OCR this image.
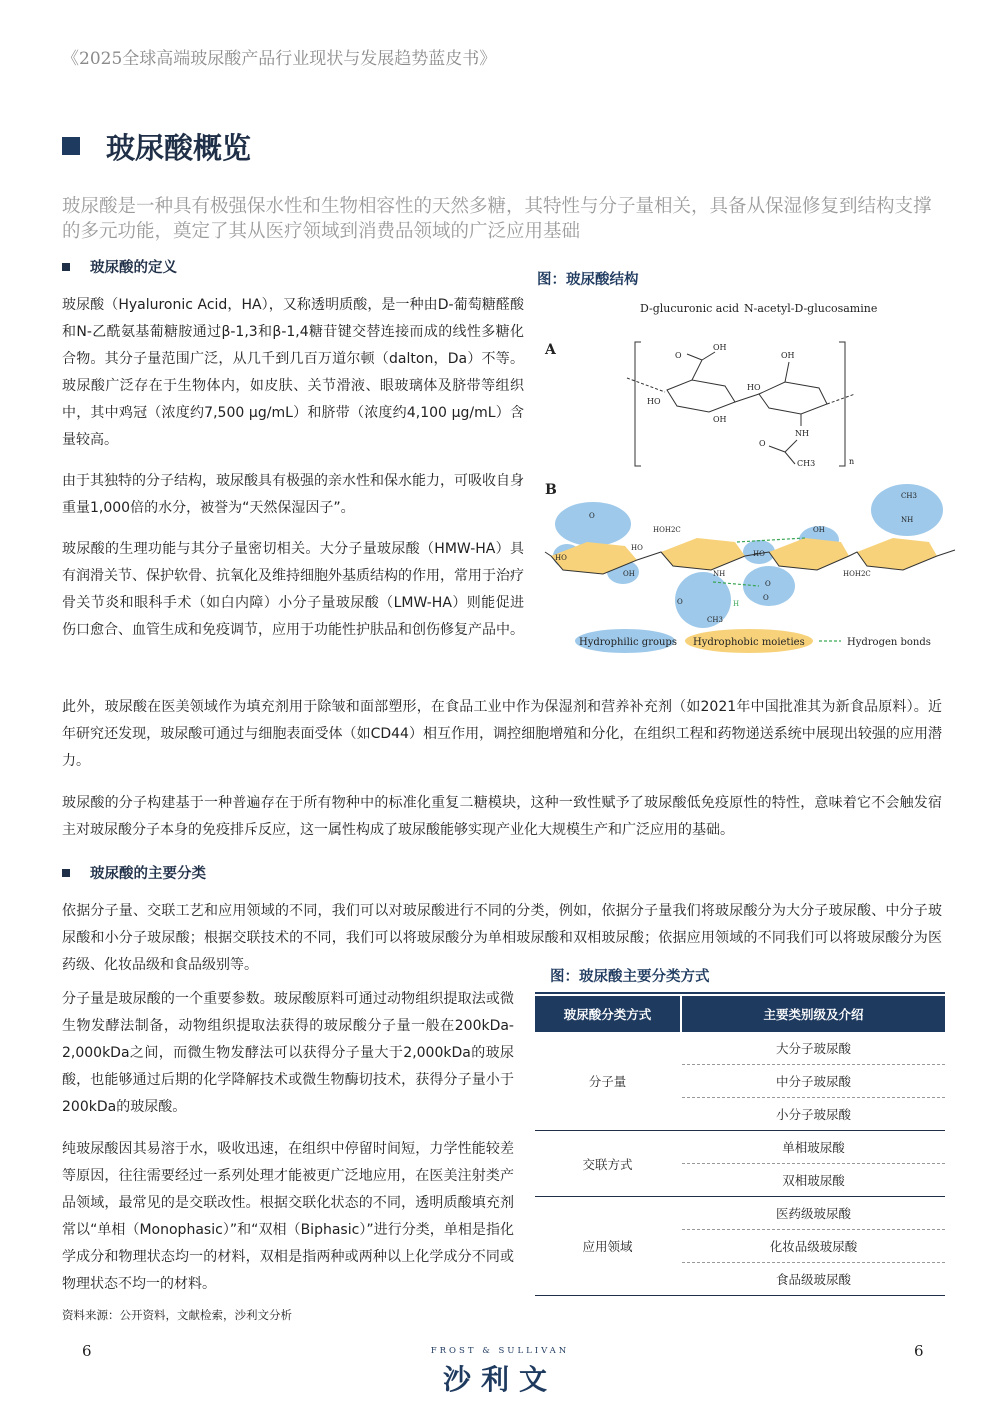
《2025全球高端玻尿酸产品行业现状与发展趋势蓝皮书》
玻尿酸概览
玻尿酸是一种具有极强保水性和生物相容性的天然多糖，其特性与分子量相关，具备从保湿修复到结构支撑的多元功能，奠定了其从医疗领域到消费品领域的广泛应用基础
玻尿酸的定义
玻尿酸（Hyaluronic Acid，HA），又称透明质酸，是一种由D-葡萄糖醛酸和N-乙酰氨基葡糖胺通过β-1,3和β-1,4糖苷键交替连接而成的线性多糖化合物。其分子量范围广泛，从几千到几百万道尔顿（dalton，Da）不等。玻尿酸广泛存在于生物体内，如皮肤、关节滑液、眼玻璃体及脐带等组织中，其中鸡冠（浓度约7,500 μg/mL）和脐带（浓度约4,100 μg/mL）含量较高。
由于其独特的分子结构，玻尿酸具有极强的亲水性和保水能力，可吸收自身重量1,000倍的水分，被誉为“天然保湿因子”。
玻尿酸的生理功能与其分子量密切相关。大分子量玻尿酸（HMW-HA）具有润滑关节、保护软骨、抗氧化及维持细胞外基质结构的作用，常用于治疗骨关节炎和眼科手术（如白内障）小分子量玻尿酸（LMW-HA）则能促进伤口愈合、血管生成和免疫调节，应用于功能性护肤品和创伤修复产品中。
图：玻尿酸结构
A
D-glucuronic acid N-acetyl-D-glucosamine
n
O
OH
HO
OH
OH
HO
NH
O
CH3
B
OH
HO
HO
HOH2C
HO
OH
HOH2C
NH
CH3
NH
H
O
O
O
CH3
O
Hydrophilic groups Hydrophobic moieties	Hydrogen bonds
此外，玻尿酸在医美领域作为填充剂用于除皱和面部塑形，在食品工业中作为保湿剂和营养补充剂（如2021年中国批准其为新食品原料）。近年研究还发现，玻尿酸可通过与细胞表面受体（如CD44）相互作用，调控细胞增殖和分化，在组织工程和药物递送系统中展现出较强的应用潜力。
玻尿酸的分子构建基于一种普遍存在于所有物种中的标准化重复二糖模块，这种一致性赋予了玻尿酸低免疫原性的特性，意味着它不会触发宿主对玻尿酸分子本身的免疫排斥反应，这一属性构成了玻尿酸能够实现产业化大规模生产和广泛应用的基础。
玻尿酸的主要分类
依据分子量、交联工艺和应用领域的不同，我们可以对玻尿酸进行不同的分类，例如，依据分子量我们将玻尿酸分为大分子玻尿酸、中分子玻尿酸和小分子玻尿酸；根据交联技术的不同，我们可以将玻尿酸分为单相玻尿酸和双相玻尿酸；依据应用领域的不同我们可以将玻尿酸分为医药级、化妆品级和食品级别等。
分子量是玻尿酸的一个重要参数。玻尿酸原料可通过动物组织提取法或微生物发酵法制备，动物组织提取法获得的玻尿酸分子量一般在200kDa-2,000kDa之间，而微生物发酵法可以获得分子量大于2,000kDa的玻尿酸，也能够通过后期的化学降解技术或微生物酶切技术，获得分子量小于200kDa的玻尿酸。
纯玻尿酸因其易溶于水，吸收迅速，在组织中停留时间短，力学性能较差等原因，往往需要经过一系列处理才能被更广泛地应用，在医美注射类产品领域，最常见的是交联改性。根据交联化状态的不同，透明质酸填充剂常以“单相（Monophasic）”和“双相（Biphasic）”进行分类，单相是指化学成分和物理状态均一的材料，双相是指两种或两种以上化学成分不同或物理状态不均一的材料。
图：玻尿酸主要分类方式
玻尿酸分类方式	主要类别级及介绍
分子量
大分子玻尿酸
中分子玻尿酸
小分子玻尿酸
交联方式
单相玻尿酸
双相玻尿酸
应用领域
医药级玻尿酸
化妆品级玻尿酸
食品级玻尿酸
资料来源：公开资料，文献检索，沙利文分析
6	6
FROST & SULLIVAN
沙利文
